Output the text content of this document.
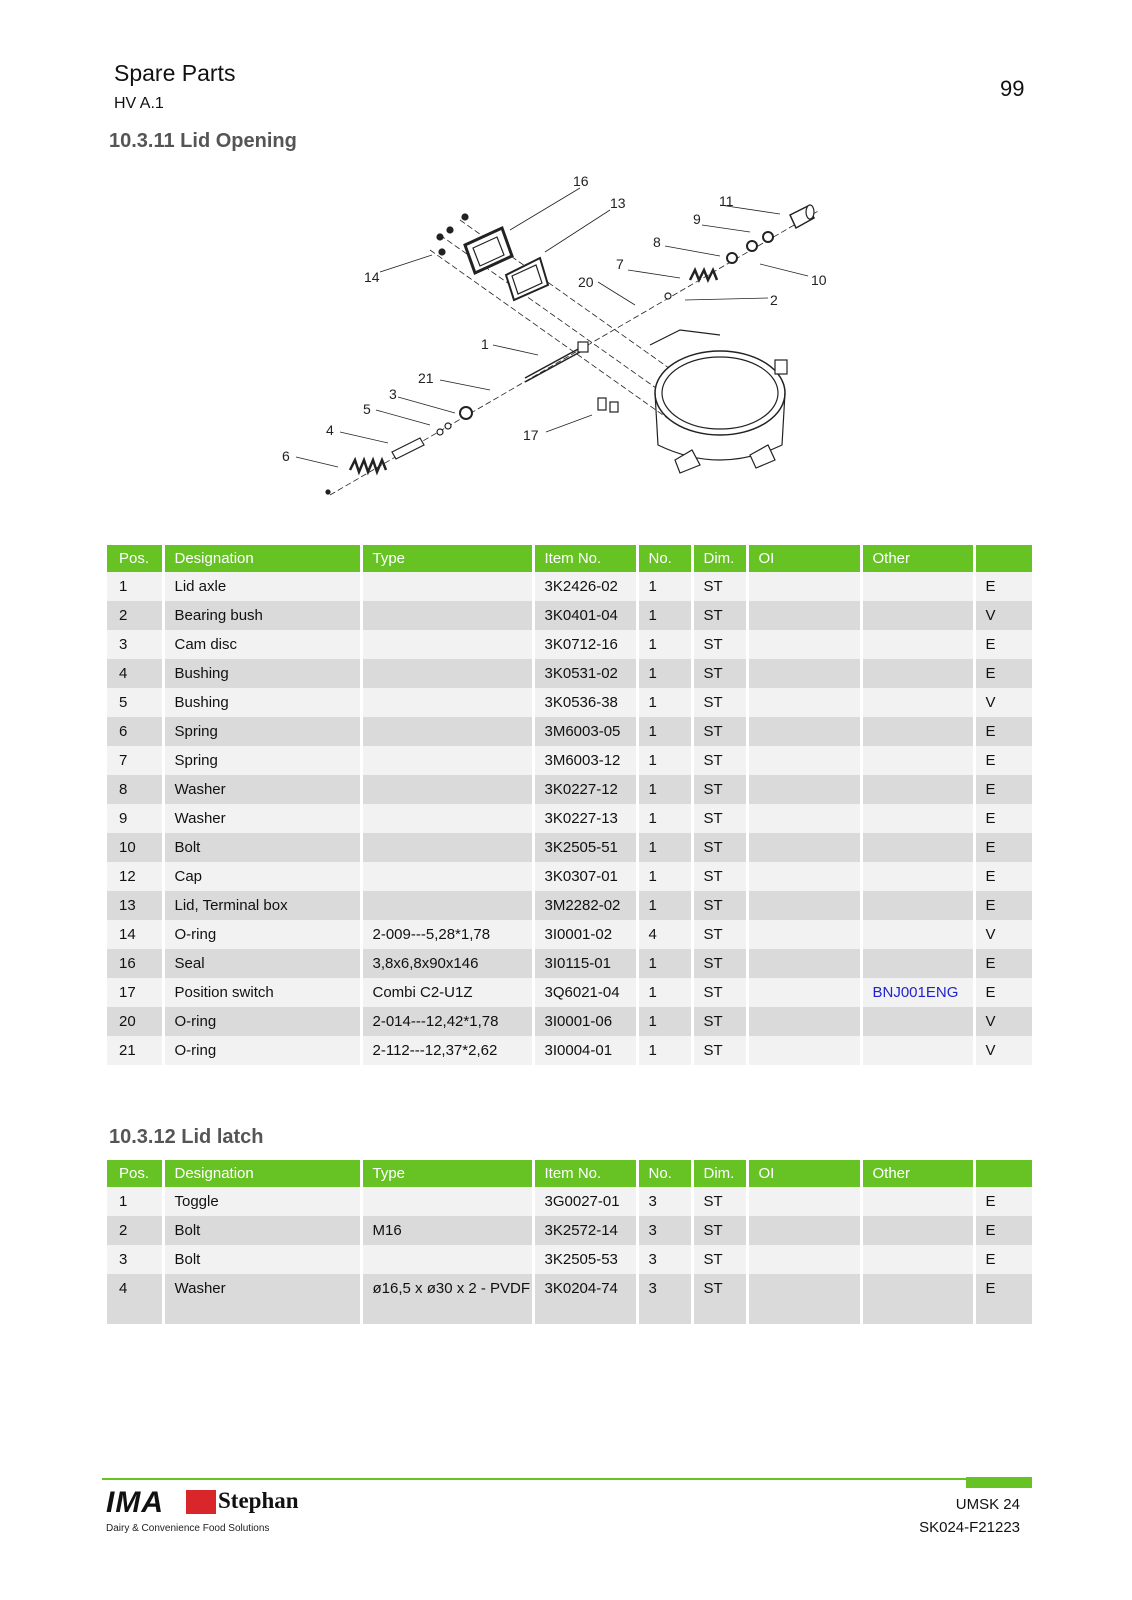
Spare Parts
HV A.1
99
10.3.11 Lid Opening
16
13	11
9
8
7
14	20	10
2
1
21
3
5
4	17
6
Pos.	Designation	Type	Item No.	No.	Dim.	OI	Other	
1	Lid axle		3K2426-02	1	ST			E
2	Bearing bush		3K0401-04	1	ST			V
3	Cam disc		3K0712-16	1	ST			E
4	Bushing		3K0531-02	1	ST			E
5	Bushing		3K0536-38	1	ST			V
6	Spring		3M6003-05	1	ST			E
7	Spring		3M6003-12	1	ST			E
8	Washer		3K0227-12	1	ST			E
9	Washer		3K0227-13	1	ST			E
10	Bolt		3K2505-51	1	ST			E
12	Cap		3K0307-01	1	ST			E
13	Lid, Terminal box		3M2282-02	1	ST			E
14	O-ring	2-009---5,28*1,78	3I0001-02	4	ST			V
16	Seal	3,8x6,8x90x146	3I0115-01	1	ST			E
17	Position switch	Combi C2-U1Z	3Q6021-04	1	ST		BNJ001ENG	E
20	O-ring	2-014---12,42*1,78	3I0001-06	1	ST			V
21	O-ring	2-112---12,37*2,62	3I0004-01	1	ST			V
10.3.12 Lid latch
Pos.	Designation	Type	Item No.	No.	Dim.	OI	Other	
1	Toggle		3G0027-01	3	ST			E
2	Bolt	M16	3K2572-14	3	ST			E
3	Bolt		3K2505-53	3	ST			E
4	Washer	ø16,5 x ø30 x 2 - PVDF	3K0204-74	3	ST			E
IMA Stephan
Dairy & Convenience Food Solutions
UMSK 24
SK024-F21223
